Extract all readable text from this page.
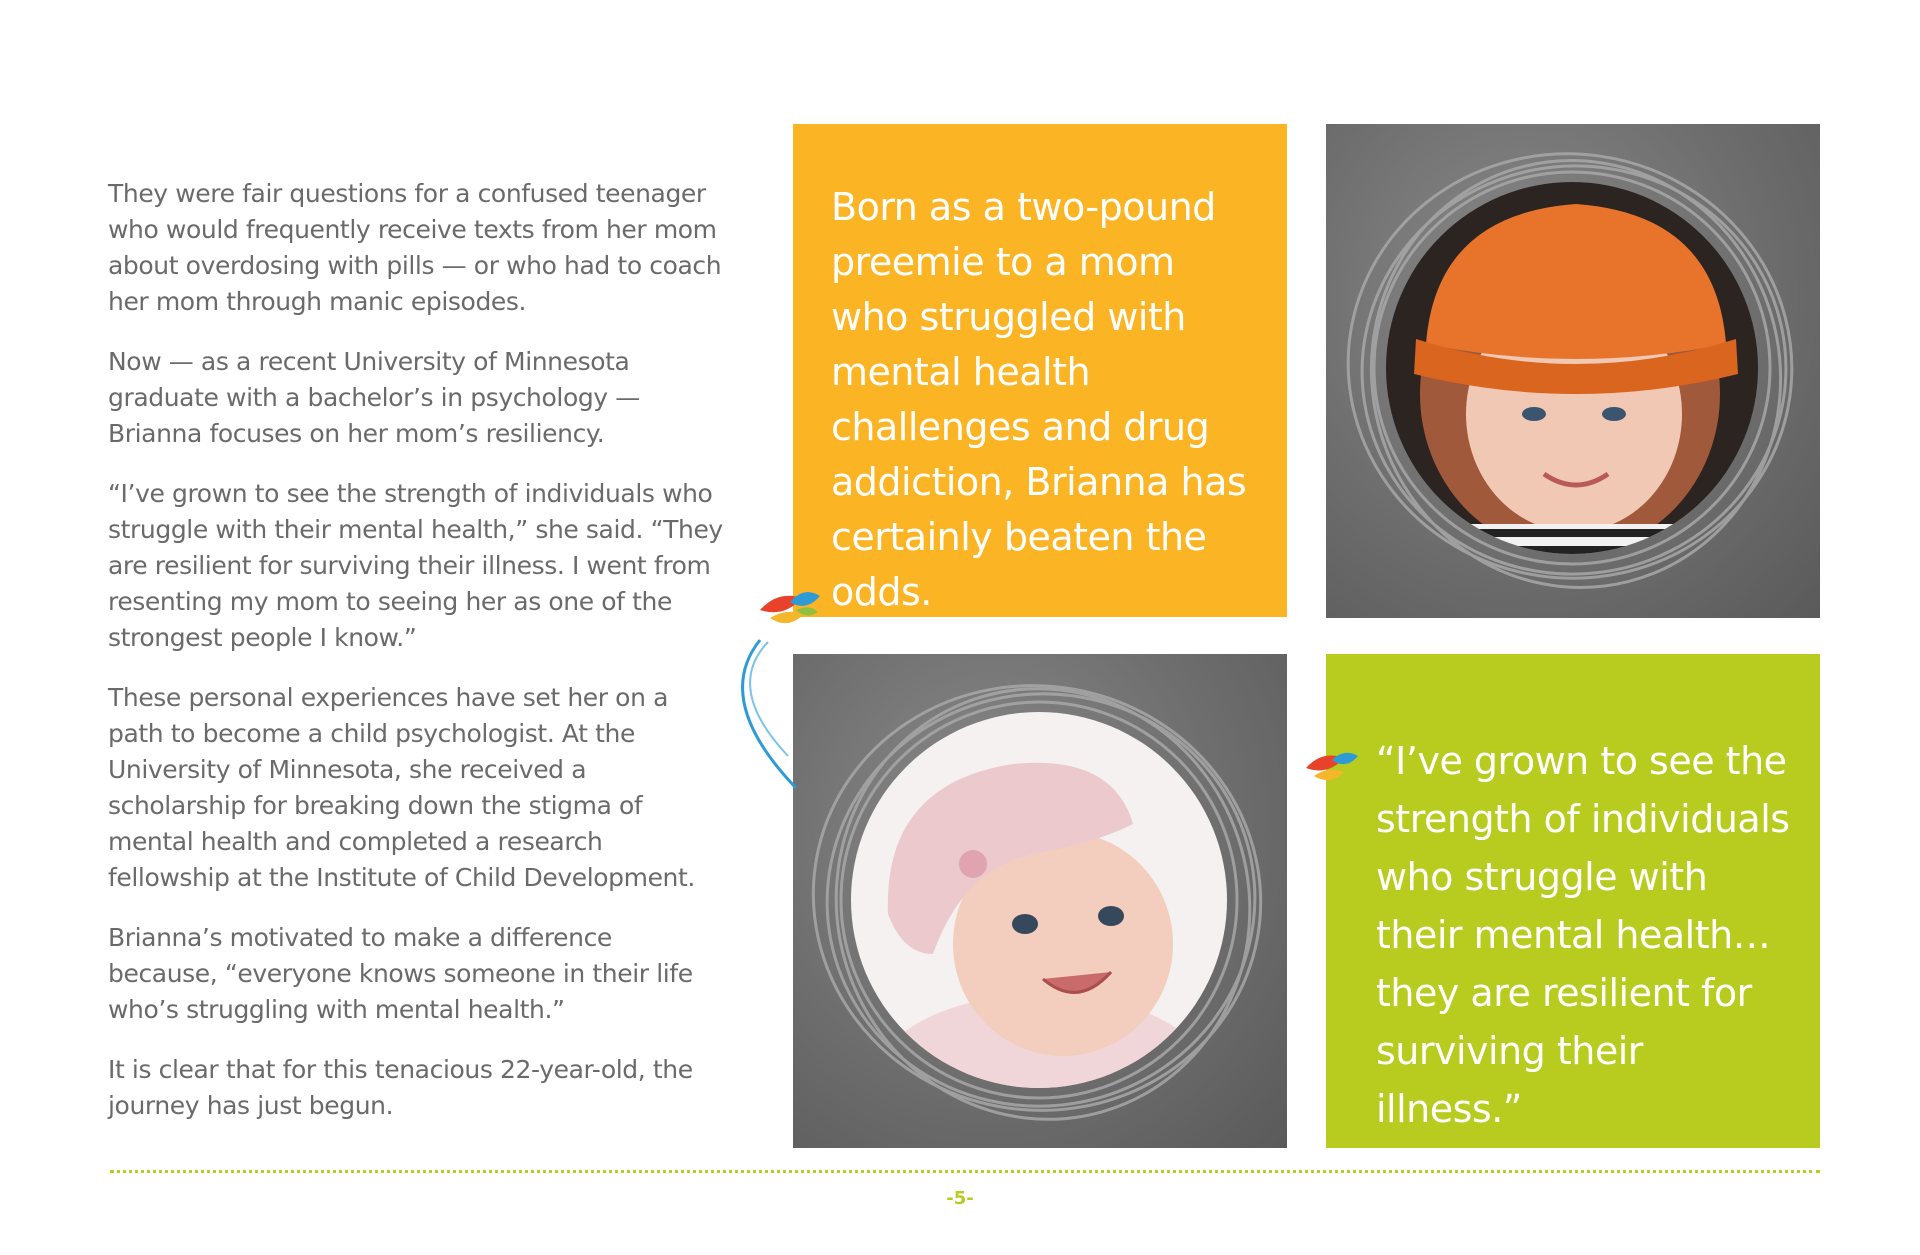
They were fair questions for a confused teenager who would frequently receive texts from her mom about overdosing with pills — or who had to coach her mom through manic episodes.

Now — as a recent University of Minnesota graduate with a bachelor’s in psychology — Brianna focuses on her mom’s resiliency.

“I’ve grown to see the strength of individuals who struggle with their mental health,” she said. “They are resilient for surviving their illness. I went from resenting my mom to seeing her as one of the strongest people I know.”

These personal experiences have set her on a path to become a child psychologist. At the University of Minnesota, she received a scholarship for breaking down the stigma of mental health and completed a research fellowship at the Institute of Child Development.

Brianna’s motivated to make a difference because, “everyone knows someone in their life who’s struggling with mental health.”

It is clear that for this tenacious 22-year-old, the journey has just begun.

Born as a two-pound preemie to a mom who struggled with mental health challenges and drug addiction, Brianna has certainly beaten the odds.
“I’ve grown to see the strength of individuals who struggle with their mental health… they are resilient for surviving their illness.”
-5-
